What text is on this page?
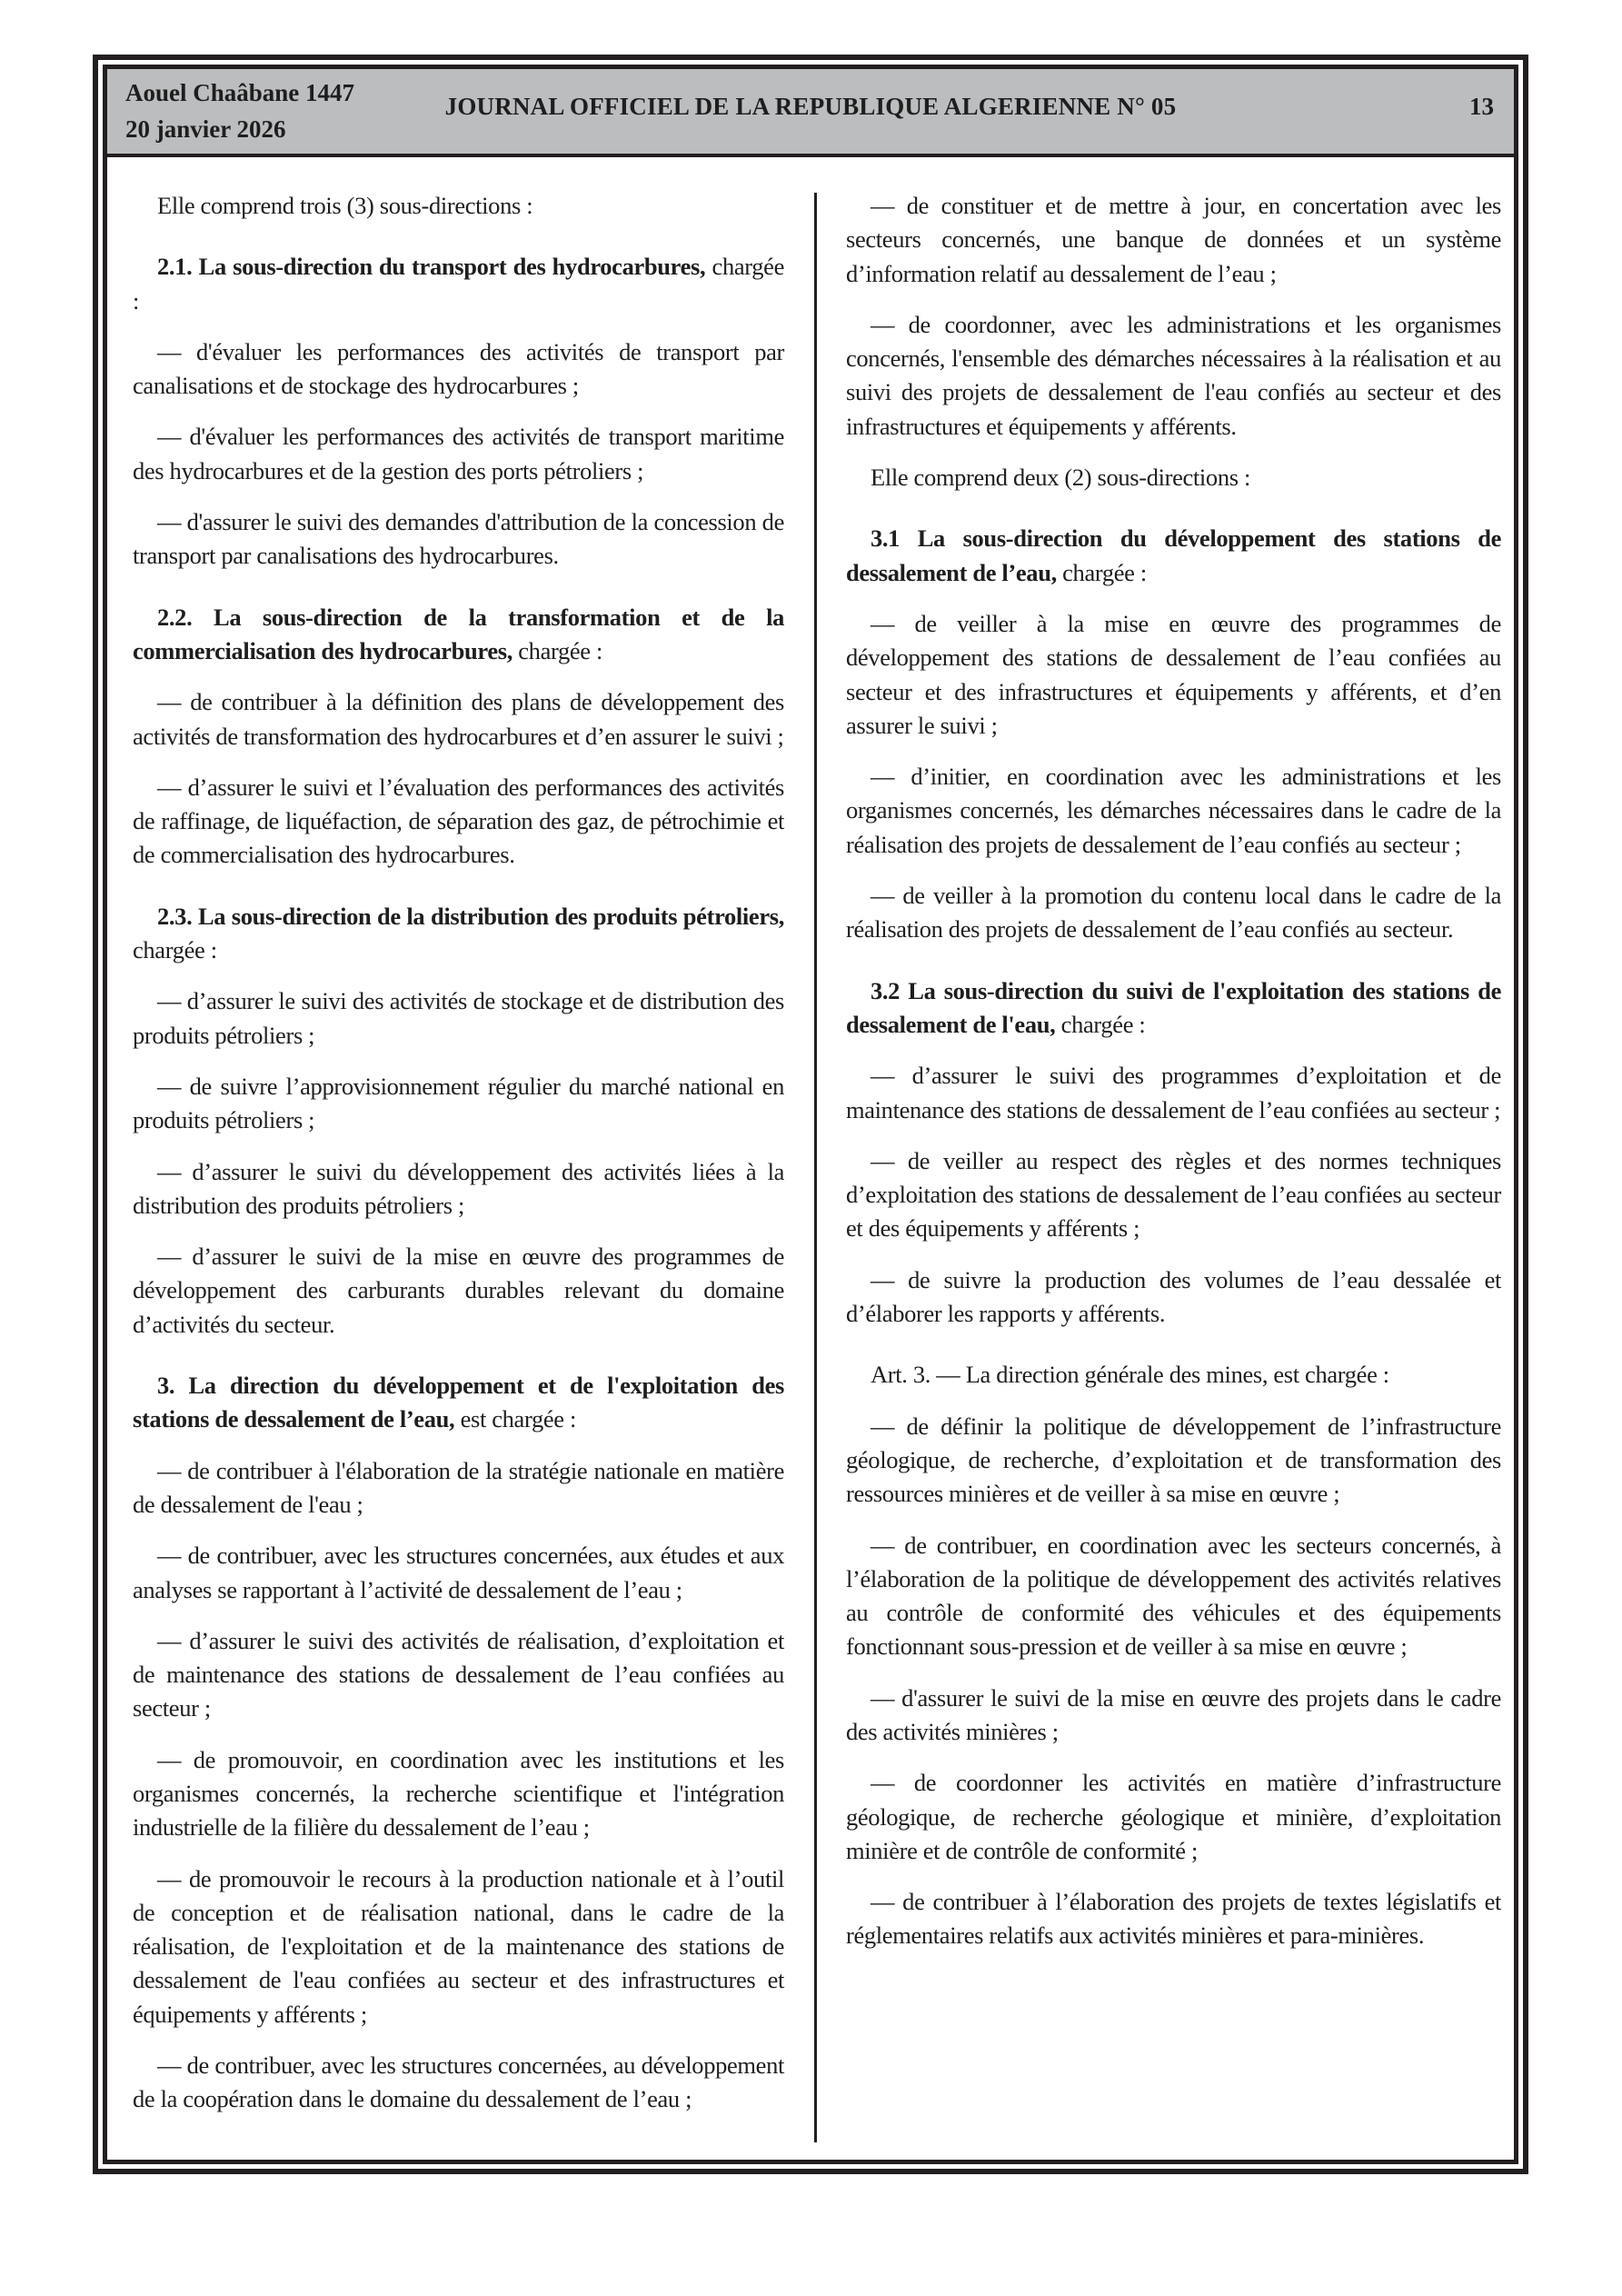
Aouel Chaâbane 1447
20 janvier 2026
JOURNAL OFFICIEL DE LA REPUBLIQUE ALGERIENNE N° 05	13

Elle comprend trois (3) sous-directions :

2.1. La sous-direction du transport des hydrocarbures, chargée :

— d'évaluer les performances des activités de transport par canalisations et de stockage des hydrocarbures ;

— d'évaluer les performances des activités de transport maritime des hydrocarbures et de la gestion des ports pétroliers ;

— d'assurer le suivi des demandes d'attribution de la concession de transport par canalisations des hydrocarbures.

2.2. La sous-direction de la transformation et de la commercialisation des hydrocarbures, chargée :

— de contribuer à la définition des plans de développement des activités de transformation des hydrocarbures et d’en assurer le suivi ;

— d’assurer le suivi et l’évaluation des performances des activités de raffinage, de liquéfaction, de séparation des gaz, de pétrochimie et de commercialisation des hydrocarbures.

2.3. La sous-direction de la distribution des produits pétroliers, chargée :

— d’assurer le suivi des activités de stockage et de distribution des produits pétroliers ;

— de suivre l’approvisionnement régulier du marché national en produits pétroliers ;

— d’assurer le suivi du développement des activités liées à la distribution des produits pétroliers ;

— d’assurer le suivi de la mise en œuvre des programmes de développement des carburants durables relevant du domaine d’activités du secteur.

3. La direction du développement et de l'exploitation des stations de dessalement de l’eau, est chargée :

— de contribuer à l'élaboration de la stratégie nationale en matière de dessalement de l'eau ;

— de contribuer, avec les structures concernées, aux études et aux analyses se rapportant à l’activité de dessalement de l’eau ;

— d’assurer le suivi des activités de réalisation, d’exploitation et de maintenance des stations de dessalement de l’eau confiées au secteur ;

— de promouvoir, en coordination avec les institutions et les organismes concernés, la recherche scientifique et l'intégration industrielle de la filière du dessalement de l’eau ;

— de promouvoir le recours à la production nationale et à l’outil de conception et de réalisation national, dans le cadre de la réalisation, de l'exploitation et de la maintenance des stations de dessalement de l'eau confiées au secteur et des infrastructures et équipements y afférents ;

— de contribuer, avec les structures concernées, au développement de la coopération dans le domaine du dessalement de l’eau ;

— de constituer et de mettre à jour, en concertation avec les secteurs concernés, une banque de données et un système d’information relatif au dessalement de l’eau ;

— de coordonner, avec les administrations et les organismes concernés, l'ensemble des démarches nécessaires à la réalisation et au suivi des projets de dessalement de l'eau confiés au secteur et des infrastructures et équipements y afférents.

Elle comprend deux (2) sous-directions :

3.1 La sous-direction du développement des stations de dessalement de l’eau, chargée :

— de veiller à la mise en œuvre des programmes de développement des stations de dessalement de l’eau confiées au secteur et des infrastructures et équipements y afférents, et d’en assurer le suivi ;

— d’initier, en coordination avec les administrations et les organismes concernés, les démarches nécessaires dans le cadre de la réalisation des projets de dessalement de l’eau confiés au secteur ;

— de veiller à la promotion du contenu local dans le cadre de la réalisation des projets de dessalement de l’eau confiés au secteur.

3.2 La sous-direction du suivi de l'exploitation des stations de dessalement de l'eau, chargée :

— d’assurer le suivi des programmes d’exploitation et de maintenance des stations de dessalement de l’eau confiées au secteur ;

— de veiller au respect des règles et des normes techniques d’exploitation des stations de dessalement de l’eau confiées au secteur et des équipements y afférents ;

— de suivre la production des volumes de l’eau dessalée et d’élaborer les rapports y afférents.

Art. 3. — La direction générale des mines, est chargée :

— de définir la politique de développement de l’infrastructure géologique, de recherche, d’exploitation et de transformation des ressources minières et de veiller à sa mise en œuvre ;

— de contribuer, en coordination avec les secteurs concernés, à l’élaboration de la politique de développement des activités relatives au contrôle de conformité des véhicules et des équipements fonctionnant sous-pression et de veiller à sa mise en œuvre ;

— d'assurer le suivi de la mise en œuvre des projets dans le cadre des activités minières ;

— de coordonner les activités en matière d’infrastructure géologique, de recherche géologique et minière, d’exploitation minière et de contrôle de conformité ;

— de contribuer à l’élaboration des projets de textes législatifs et réglementaires relatifs aux activités minières et para-minières.
